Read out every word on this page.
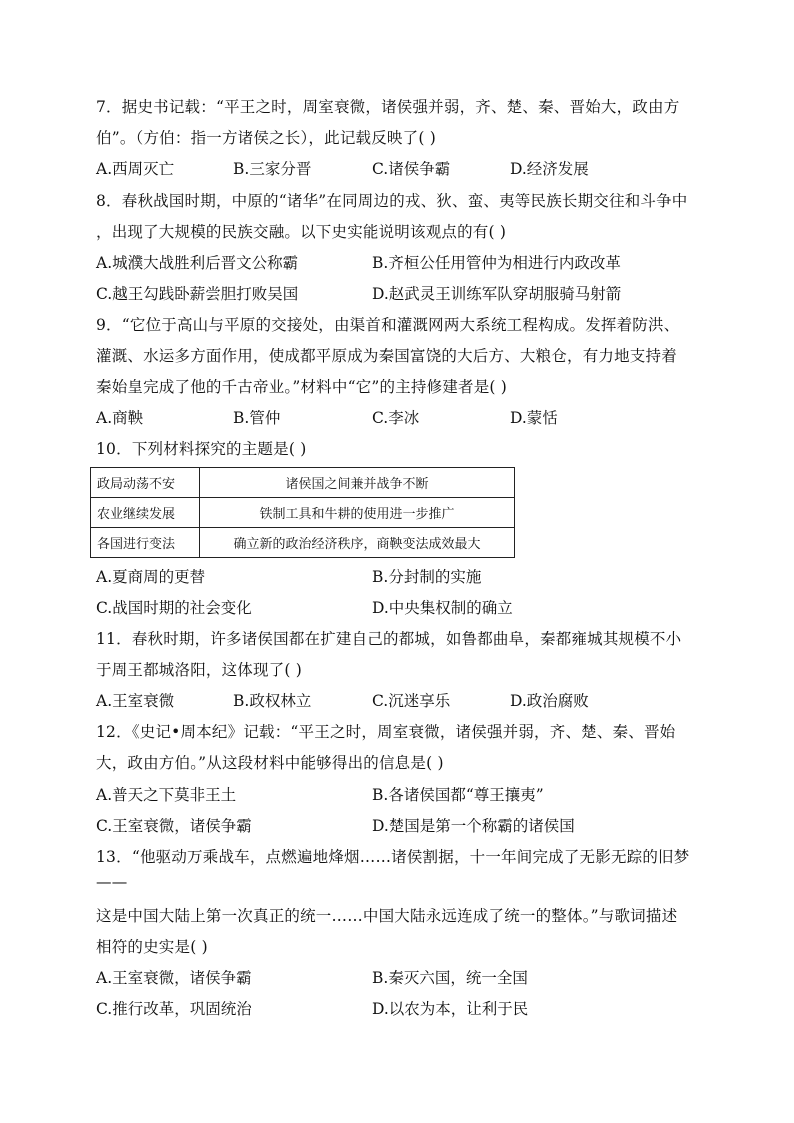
7．据史书记载：“平王之时，周室衰微，诸侯强并弱，齐、楚、秦、晋始大，政由方
伯”。（方伯：指一方诸侯之长），此记载反映了( )
A.西周灭亡	B.三家分晋	C.诸侯争霸	D.经济发展
8．春秋战国时期，中原的“诸华”在同周边的戎、狄、蛮、夷等民族长期交往和斗争中
，出现了大规模的民族交融。以下史实能说明该观点的有( )
A.城濮大战胜利后晋文公称霸	B.齐桓公任用管仲为相进行内政改革
C.越王勾践卧薪尝胆打败吴国	D.赵武灵王训练军队穿胡服骑马射箭
9．“它位于高山与平原的交接处，由渠首和灌溉网两大系统工程构成。发挥着防洪、
灌溉、水运多方面作用，使成都平原成为秦国富饶的大后方、大粮仓，有力地支持着
秦始皇完成了他的千古帝业。”材料中“它”的主持修建者是( )
A.商鞅	B.管仲	C.李冰	D.蒙恬
10．下列材料探究的主题是( )
政局动荡不安	诸侯国之间兼并战争不断
农业继续发展	铁制工具和牛耕的使用进一步推广
各国进行变法	确立新的政治经济秩序，商鞅变法成效最大
A.夏商周的更替	B.分封制的实施
C.战国时期的社会变化	D.中央集权制的确立
11．春秋时期，许多诸侯国都在扩建自己的都城，如鲁都曲阜，秦都雍城其规模不小
于周王都城洛阳，这体现了( )
A.王室衰微	B.政权林立	C.沉迷享乐	D.政治腐败
12．《史记•周本纪》记载：“平王之时，周室衰微，诸侯强并弱，齐、楚、秦、晋始
大，政由方伯。”从这段材料中能够得出的信息是( )
A.普天之下莫非王土	B.各诸侯国都“尊王攘夷”
C.王室衰微，诸侯争霸	D.楚国是第一个称霸的诸侯国
13．“他驱动万乘战车，点燃遍地烽烟……诸侯割据，十一年间完成了无影无踪的旧梦
——
这是中国大陆上第一次真正的统一……中国大陆永远连成了统一的整体。”与歌词描述
相符的史实是( )
A.王室衰微，诸侯争霸	B.秦灭六国，统一全国
C.推行改革，巩固统治	D.以农为本，让利于民
